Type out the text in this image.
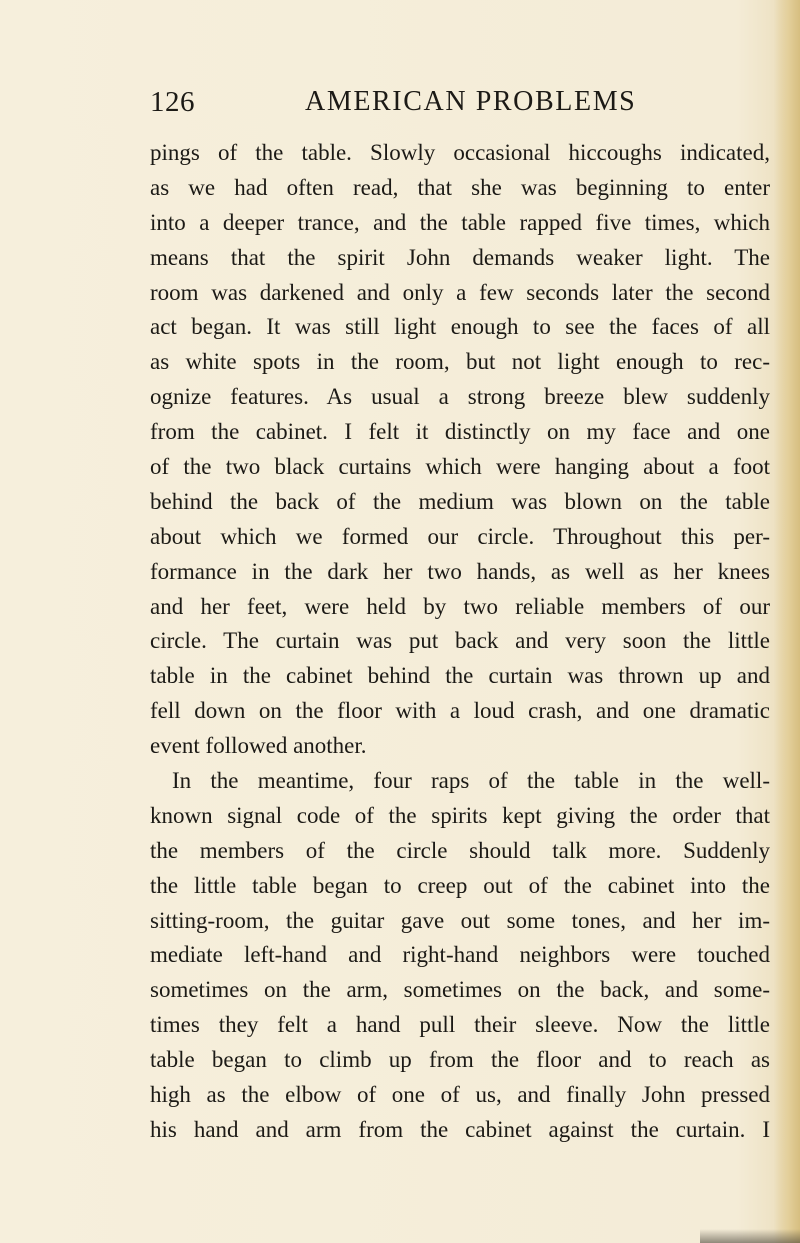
126	AMERICAN PROBLEMS
pings of the table. Slowly occasional hiccoughs indicated,
as we had often read, that she was beginning to enter
into a deeper trance, and the table rapped five times, which
means that the spirit John demands weaker light. The
room was darkened and only a few seconds later the second
act began. It was still light enough to see the faces of all
as white spots in the room, but not light enough to rec-
ognize features. As usual a strong breeze blew suddenly
from the cabinet. I felt it distinctly on my face and one
of the two black curtains which were hanging about a foot
behind the back of the medium was blown on the table
about which we formed our circle. Throughout this per-
formance in the dark her two hands, as well as her knees
and her feet, were held by two reliable members of our
circle. The curtain was put back and very soon the little
table in the cabinet behind the curtain was thrown up and
fell down on the floor with a loud crash, and one dramatic
event followed another.
In the meantime, four raps of the table in the well-
known signal code of the spirits kept giving the order that
the members of the circle should talk more. Suddenly
the little table began to creep out of the cabinet into the
sitting-room, the guitar gave out some tones, and her im-
mediate left-hand and right-hand neighbors were touched
sometimes on the arm, sometimes on the back, and some-
times they felt a hand pull their sleeve. Now the little
table began to climb up from the floor and to reach as
high as the elbow of one of us, and finally John pressed
his hand and arm from the cabinet against the curtain. I
